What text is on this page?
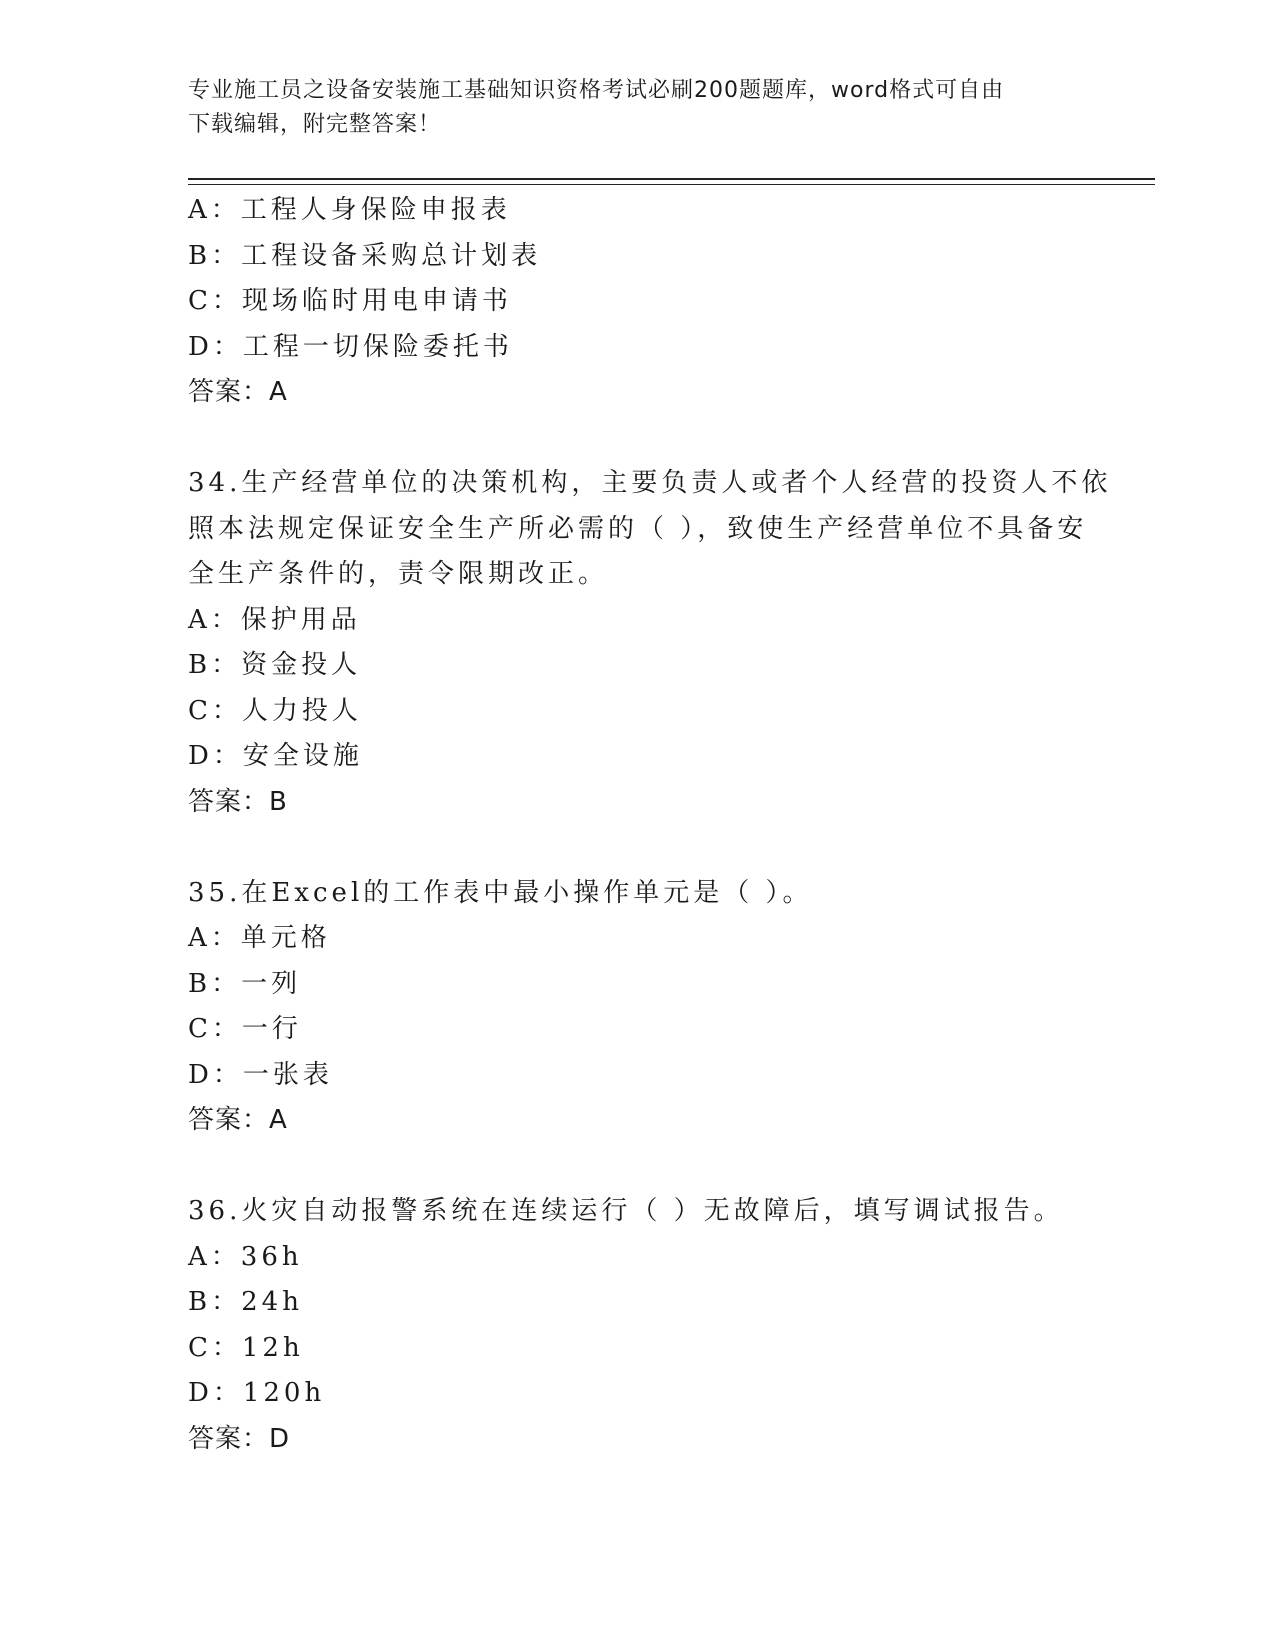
专业施工员之设备安装施工基础知识资格考试必刷200题题库，word格式可自由
下载编辑，附完整答案！
A：工程人身保险申报表
B：工程设备采购总计划表
C：现场临时用电申请书
D：工程一切保险委托书
答案：A
34.生产经营单位的决策机构，主要负责人或者个人经营的投资人不依
照本法规定保证安全生产所必需的（ ），致使生产经营单位不具备安
全生产条件的，责令限期改正。
A：保护用品
B：资金投人
C：人力投人
D：安全设施
答案：B
35.在Excel的工作表中最小操作单元是（ ）。
A：单元格
B：一列
C：一行
D：一张表
答案：A
36.火灾自动报警系统在连续运行（ ）无故障后，填写调试报告。
A：36h
B：24h
C：12h
D：120h
答案：D
